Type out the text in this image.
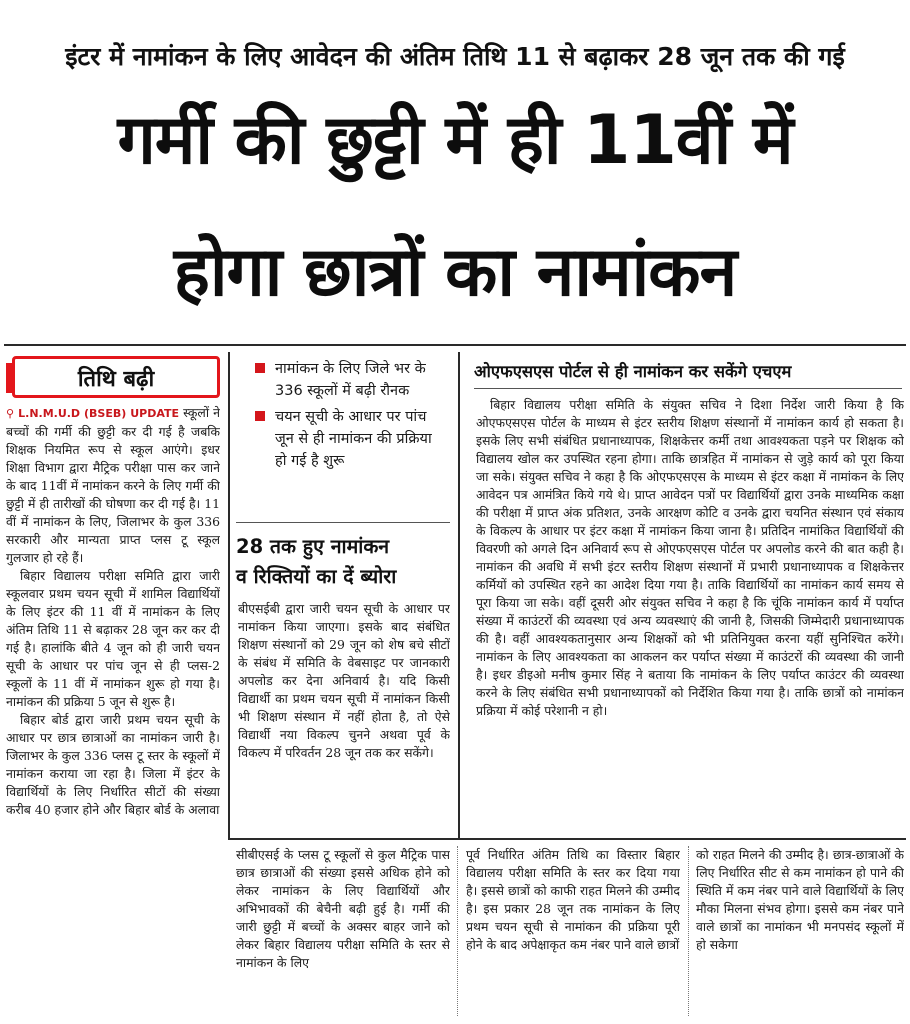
इंटर में नामांकन के लिए आवेदन की अंतिम तिथि 11 से बढ़ाकर 28 जून तक की गई
गर्मी की छुट्टी में ही 11वीं में
होगा छात्रों का नामांकन
तिथि बढ़ी

⚲ L.N.M.U.D (BSEB) UPDATE स्कूलों ने बच्चों की गर्मी की छुट्टी कर दी गई है जबकि शिक्षक नियमित रूप से स्कूल आएंगे। इधर शिक्षा विभाग द्वारा मैट्रिक परीक्षा पास कर जाने के बाद 11वीं में नामांकन करने के लिए गर्मी की छुट्टी में ही तारीखों की घोषणा कर दी गई है। 11 वीं में नामांकन के लिए, जिलाभर के कुल 336 सरकारी और मान्यता प्राप्त प्लस टू स्कूल गुलजार हो रहे हैं।

बिहार विद्यालय परीक्षा समिति द्वारा जारी स्कूलवार प्रथम चयन सूची में शामिल विद्यार्थियों के लिए इंटर की 11 वीं में नामांकन के लिए अंतिम तिथि 11 से बढ़ाकर 28 जून कर कर दी गई है। हालांकि बीते 4 जून को ही जारी चयन सूची के आधार पर पांच जून से ही प्लस-2 स्कूलों के 11 वीं में नामांकन शुरू हो गया है। नामांकन की प्रक्रिया 5 जून से शुरू है।

बिहार बोर्ड द्वारा जारी प्रथम चयन सूची के आधार पर छात्र छात्राओं का नामांकन जारी है। जिलाभर के कुल 336 प्लस टू स्तर के स्कूलों में नामांकन कराया जा रहा है। जिला में इंटर के विद्यार्थियों के लिए निर्धारित सीटों की संख्या करीब 40 हजार होने और बिहार बोर्ड के अलावा

नामांकन के लिए जिले भर के 336 स्कूलों में बढ़ी रौनक
चयन सूची के आधार पर पांच जून से ही नामांकन की प्रक्रिया हो गई है शुरू
28 तक हुए नामांकन
व रिक्तियों का दें ब्योरा

बीएसईबी द्वारा जारी चयन सूची के आधार पर नामांकन किया जाएगा। इसके बाद संबंधित शिक्षण संस्थानों को 29 जून को शेष बचे सीटों के संबंध में समिति के वेबसाइट पर जानकारी अपलोड कर देना अनिवार्य है। यदि किसी विद्यार्थी का प्रथम चयन सूची में नामांकन किसी भी शिक्षण संस्थान में नहीं होता है, तो ऐसे विद्यार्थी नया विकल्प चुनने अथवा पूर्व के विकल्प में परिवर्तन 28 जून तक कर सकेंगे।

ओएफएसएस पोर्टल से ही नामांकन कर सकेंगे एचएम

बिहार विद्यालय परीक्षा समिति के संयुक्त सचिव ने दिशा निर्देश जारी किया है कि ओएफएसएस पोर्टल के माध्यम से इंटर स्तरीय शिक्षण संस्थानों में नामांकन कार्य हो सकता है। इसके लिए सभी संबंधित प्रधानाध्यापक, शिक्षकेत्तर कर्मी तथा आवश्यकता पड़ने पर शिक्षक को विद्यालय खोल कर उपस्थित रहना होगा। ताकि छात्रहित में नामांकन से जुड़े कार्य को पूरा किया जा सके। संयुक्त सचिव ने कहा है कि ओएफएसएस के माध्यम से इंटर कक्षा में नामांकन के लिए आवेदन पत्र आमंत्रित किये गये थे। प्राप्त आवेदन पत्रों पर विद्यार्थियों द्वारा उनके माध्यमिक कक्षा की परीक्षा में प्राप्त अंक प्रतिशत, उनके आरक्षण कोटि व उनके द्वारा चयनित संस्थान एवं संकाय के विकल्प के आधार पर इंटर कक्षा में नामांकन किया जाना है। प्रतिदिन नामांकित विद्यार्थियों की विवरणी को अगले दिन अनिवार्य रूप से ओएफएसएस पोर्टल पर अपलोड करने की बात कही है। नामांकन की अवधि में सभी इंटर स्तरीय शिक्षण संस्थानों में प्रभारी प्रधानाध्यापक व शिक्षकेत्तर कर्मियों को उपस्थित रहने का आदेश दिया गया है। ताकि विद्यार्थियों का नामांकन कार्य समय से पूरा किया जा सके। वहीं दूसरी ओर संयुक्त सचिव ने कहा है कि चूंकि नामांकन कार्य में पर्याप्त संख्या में काउंटरों की व्यवस्था एवं अन्य व्यवस्थाएं की जानी है, जिसकी जिम्मेदारी प्रधानाध्यापक की है। वहीं आवश्यकतानुसार अन्य शिक्षकों को भी प्रतिनियुक्त करना यहीं सुनिश्चित करेंगे। नामांकन के लिए आवश्यकता का आकलन कर पर्याप्त संख्या में काउंटरों की व्यवस्था की जानी है। इधर डीइओ मनीष कुमार सिंह ने बताया कि नामांकन के लिए पर्याप्त काउंटर की व्यवस्था करने के लिए संबंधित सभी प्रधानाध्यापकों को निर्देशित किया गया है। ताकि छात्रों को नामांकन प्रक्रिया में कोई परेशानी न हो।

सीबीएसई के प्लस टू स्कूलों से कुल मैट्रिक पास छात्र छात्राओं की संख्या इससे अधिक होने को लेकर नामांकन के लिए विद्यार्थियों और अभिभावकों की बेचैनी बढ़ी हुई है। गर्मी की जारी छुट्टी में बच्चों के अक्सर बाहर जाने को लेकर बिहार विद्यालय परीक्षा समिति के स्तर से नामांकन के लिए

पूर्व निर्धारित अंतिम तिथि का विस्तार बिहार विद्यालय परीक्षा समिति के स्तर कर दिया गया है। इससे छात्रों को काफी राहत मिलने की उम्मीद है। इस प्रकार 28 जून तक नामांकन के लिए प्रथम चयन सूची से नामांकन की प्रक्रिया पूरी होने के बाद अपेक्षाकृत कम नंबर पाने वाले छात्रों

को राहत मिलने की उम्मीद है। छात्र-छात्राओं के लिए निर्धारित सीट से कम नामांकन हो पाने की स्थिति में कम नंबर पाने वाले विद्यार्थियों के लिए मौका मिलना संभव होगा। इससे कम नंबर पाने वाले छात्रों का नामांकन भी मनपसंद स्कूलों में हो सकेगा
